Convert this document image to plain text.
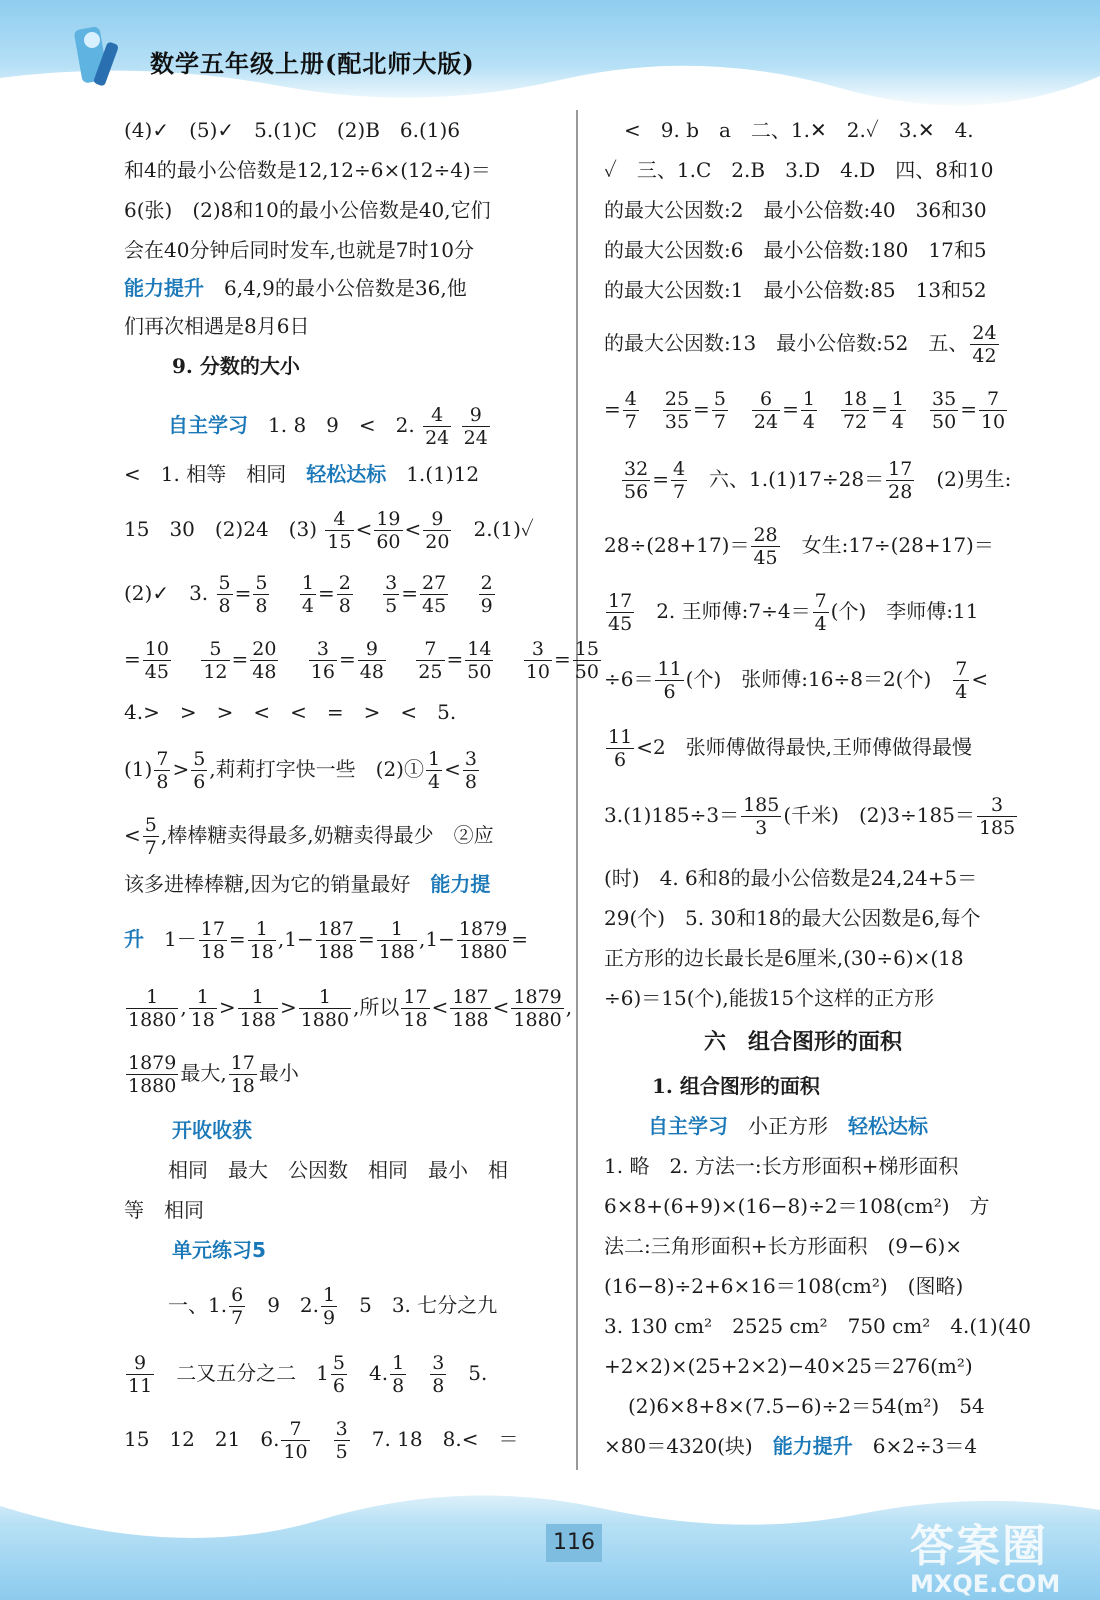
数学五年级上册(配北师大版)
(4)✓　(5)✓　5.(1)C　(2)B　6.(1)6
和4的最小公倍数是12,12÷6×(12÷4)＝
6(张)　(2)8和10的最小公倍数是40,它们
会在40分钟后同时发车,也就是7时10分
能力提升　6,4,9的最小公倍数是36,他
们再次相遇是8月6日
9. 分数的大小
自主学习　1. 8　9　<　2. $\frac{4}{24}$
$\frac{9}{24}$
<　1. 相等　相同　轻松达标　1.(1)12
15　30　(2)24　$(3) \frac{4}{15} < \frac{19}{60} < \frac{9}{20}$
　 2.(1)✓
(2)✓　3. $\frac{5}{8} = \frac{5}{8}$
　 $\frac{1}{4} = \frac{2}{8}$
　 $\frac{3}{5} = \frac{27}{45}$
　 $\frac{2}{9}$
= $\frac{10}{45}$
　 $\frac{5}{12} = \frac{20}{48}$
　 $\frac{3}{16} = \frac{9}{48}$
　 $\frac{7}{25} = \frac{14}{50}$
　 $\frac{3}{10} = \frac{15}{50}$
4.>　>　>　<　<　=　>　<　5.
$(1) \frac{7}{8} > \frac{5}{6}$ ,莉莉打字快一些　(2)① $\frac{1}{4} < \frac{3}{8}$
< $\frac{5}{7}$ ,棒棒糖卖得最多,奶糖卖得最少　②应
该多进棒棒糖,因为它的销量最好　能力提
升　$1- \frac{17}{18} = \frac{1}{18} ,1- \frac{187}{188} = \frac{1}{188} ,1- \frac{1879}{1880}$ =
$\frac{1}{1880}$ , $\frac{1}{18} > \frac{1}{188} > \frac{1}{1880}$ ,所以 $\frac{17}{18} < \frac{187}{188} < \frac{1879}{1880}$ ,
$\frac{1879}{1880}$ 最大, $\frac{17}{18}$ 最小
开收收获
相同　最大　公因数　相同　最小　相
等　相同
单元练习5
一、1. $\frac{6}{7}$
　 9　2. $\frac{1}{9}$
　 5　3. 七分之九
$\frac{9}{11}$
　 二又五分之二　$1 \frac{5}{6}$
　 4. $\frac{1}{8}$
　 $\frac{3}{8}$
　 5.
15　12　21　6. $\frac{7}{10}$
　 $\frac{3}{5}$
　 7. 18　8.<　＝
<　9. b　a　二、1.✕　2.✓　3.✕　4.
✓　三、1.C　2.B　3.D　4.D　四、8和10
的最大公因数:2　最小公倍数:40　36和30
的最大公因数:6　最小公倍数:180　17和5
的最大公因数:1　最小公倍数:85　13和52
的最大公因数:13　最小公倍数:52　五、 $\frac{24}{42}$
= $\frac{4}{7}$
　 $\frac{25}{35} = \frac{5}{7}$
　 $\frac{6}{24} = \frac{1}{4}$
　 $\frac{18}{72} = \frac{1}{4}$
　 $\frac{35}{50} = \frac{7}{10}$
$\frac{32}{56} = \frac{4}{7}$
　 六、$1.(1)17\div 28= \frac{17}{28}$
　 (2)男生:
$28\div(28+17)= \frac{28}{45}$
　 女生:17÷(28+17)＝
$\frac{17}{45}$
　 2. 王师傅:7÷4＝ $\frac{7}{4}$ (个)　李师傅:11
$\div 6= \frac{11}{6}$ (个)　张师傅:16÷8＝2(个)　 $\frac{7}{4}$ <
$\frac{11}{6} <2$　张师傅做得最快,王师傅做得最慢
$3.(1)185\div 3= \frac{185}{3}$ (千米)　$(2)3\div 185= \frac{3}{185}$
(时)　4. 6和8的最小公倍数是24,24+5＝
29(个)　5. 30和18的最大公因数是6,每个
正方形的边长最长是6厘米,(30÷6)×(18
÷6)＝15(个),能拔15个这样的正方形
六　组合图形的面积
1. 组合图形的面积
自主学习　小正方形　轻松达标
1. 略　2. 方法一:长方形面积+梯形面积
6×8+(6+9)×(16−8)÷2＝108(cm²)　方
法二:三角形面积+长方形面积　(9−6)×
(16−8)÷2+6×16＝108(cm²)　(图略)
3. 130 cm²　2525 cm²　750 cm²　4.(1)(40
+2×2)×(25+2×2)−40×25＝276(m²)
(2)6×8+8×(7.5−6)÷2＝54(m²)　54
×80＝4320(块)　能力提升　6×2÷3＝4
116	答案圈
MXQE.COM
